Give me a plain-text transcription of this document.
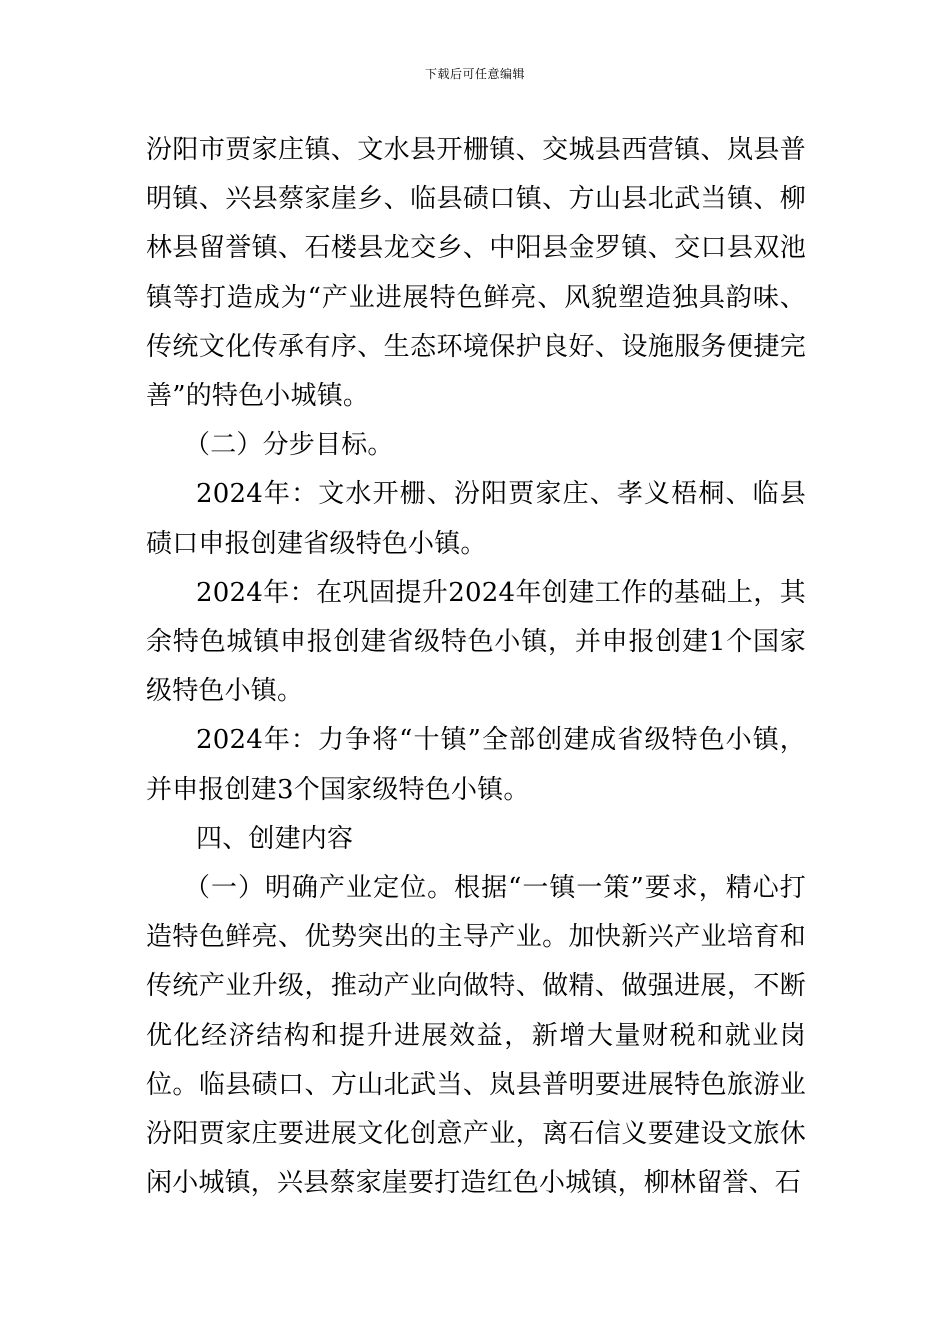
下载后可任意编辑

汾阳市贾家庄镇、文水县开栅镇、交城县西营镇、岚县普明镇、兴县蔡家崖乡、临县碛口镇、方山县北武当镇、柳林县留誉镇、石楼县龙交乡、中阳县金罗镇、交口县双池镇等打造成为“产业进展特色鲜亮、风貌塑造独具韵味、传统文化传承有序、生态环境保护良好、设施服务便捷完善”的特色小城镇。

（二）分步目标。

2024年：文水开栅、汾阳贾家庄、孝义梧桐、临县碛口申报创建省级特色小镇。

2024年：在巩固提升2024年创建工作的基础上，其余特色城镇申报创建省级特色小镇，并申报创建1个国家级特色小镇。

2024年：力争将“十镇”全部创建成省级特色小镇，并申报创建3个国家级特色小镇。

四、创建内容

（一）明确产业定位。根据“一镇一策”要求，精心打造特色鲜亮、优势突出的主导产业。加快新兴产业培育和传统产业升级，推动产业向做特、做精、做强进展，不断优化经济结构和提升进展效益，新增大量财税和就业岗位。临县碛口、方山北武当、岚县普明要进展特色旅游业汾阳贾家庄要进展文化创意产业，离石信义要建设文旅休闲小城镇，兴县蔡家崖要打造红色小城镇，柳林留誉、石
